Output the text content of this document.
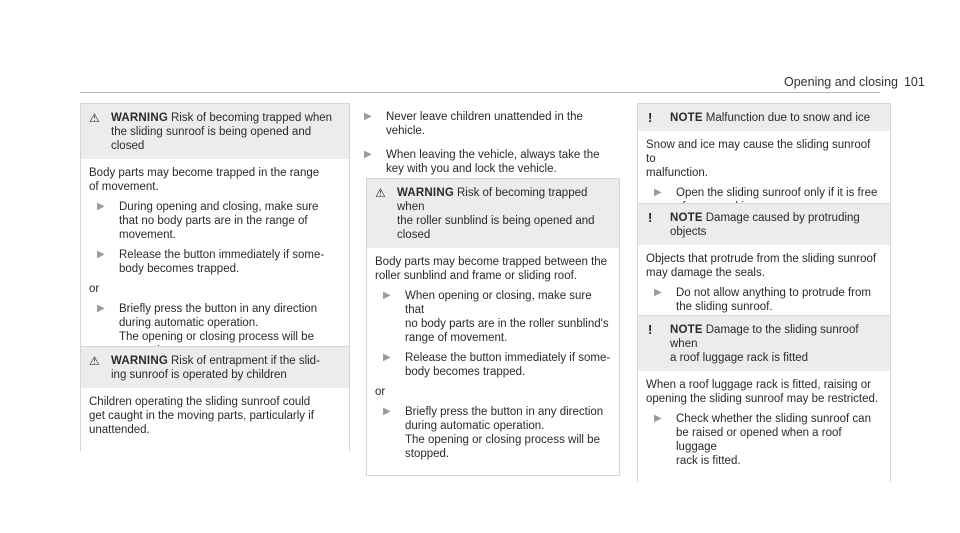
Opening and closing 101
⚠ WARNING Risk of becoming trapped when
the sliding sunroof is being opened and
closed
Body parts may become trapped in the range
of movement.
▶	During opening and closing, make sure
that no body parts are in the range of
movement.
▶	Release the button immediately if some-
body becomes trapped.
or
▶	Briefly press the button in any direction
during automatic operation.
The opening or closing process will be
⚠ WARNING Risk of entrapment if the slid-
ing sunroof is operated by children
Children operating the sliding sunroof could
get caught in the moving parts, particularly if
unattended.
▶	Never leave children unattended in the
vehicle.
▶	When leaving the vehicle, always take the
key with you and lock the vehicle.
⚠ WARNING Risk of becoming trapped when
the roller sunblind is being opened and
closed
Body parts may become trapped between the
roller sunblind and frame or sliding roof.
▶	When opening or closing, make sure that
no body parts are in the roller sunblind's
range of movement.
▶	Release the button immediately if some-
body becomes trapped.
or
▶	Briefly press the button in any direction
during automatic operation.
The opening or closing process will be
stopped.
!	NOTE Malfunction due to snow and ice
Snow and ice may cause the sliding sunroof to
malfunction.
▶	Open the sliding sunroof only if it is free
!	NOTE Damage caused by protruding
objects
Objects that protrude from the sliding sunroof
may damage the seals.
▶	Do not allow anything to protrude from
the sliding sunroof.
!	NOTE Damage to the sliding sunroof when
a roof luggage rack is fitted
When a roof luggage rack is fitted, raising or
opening the sliding sunroof may be restricted.
▶	Check whether the sliding sunroof can
be raised or opened when a roof luggage
rack is fitted.
